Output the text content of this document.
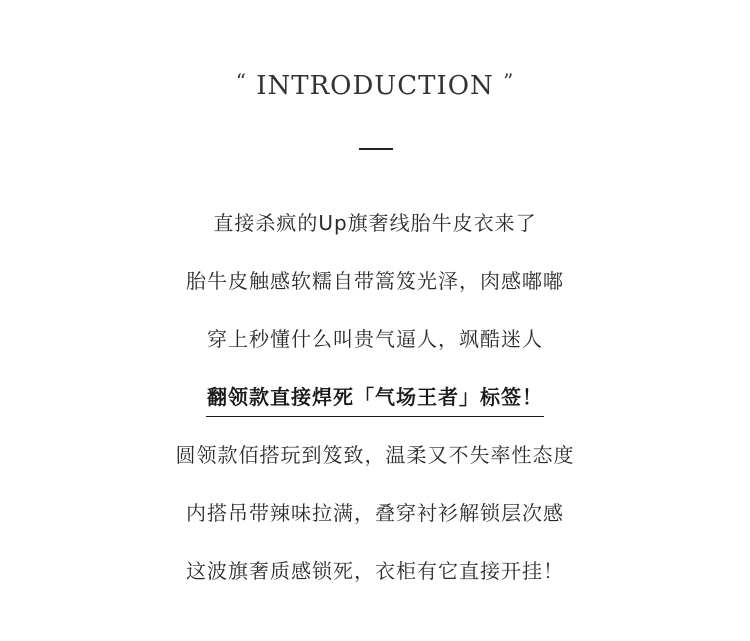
“ INTRODUCTION ”
直接杀疯的Up旗奢线胎牛皮衣来了
胎牛皮触感软糯自带篙笈光泽，肉感嘟嘟
穿上秒懂什么叫贵气逼人，飒酷迷人
翻领款直接焊死「气场王者」标签！
圆领款佰搭玩到笈致，温柔又不失率性态度
内搭吊带辣味拉满，叠穿衬衫解锁层次感
这波旗奢质感锁死，衣柜有它直接开挂！
